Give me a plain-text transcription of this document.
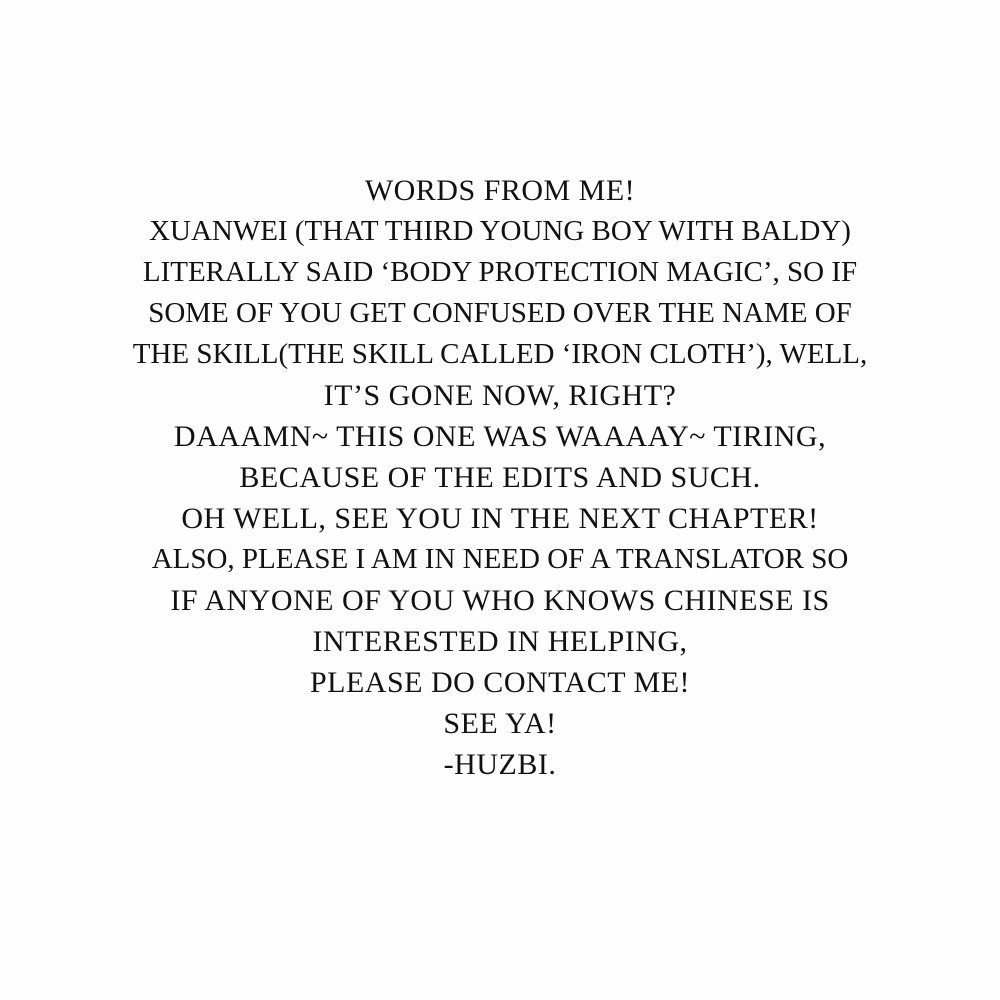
WORDS FROM ME!
XUANWEI (THAT THIRD YOUNG BOY WITH BALDY)
LITERALLY SAID ‘BODY PROTECTION MAGIC’, SO IF
SOME OF YOU GET CONFUSED OVER THE NAME OF
THE SKILL(THE SKILL CALLED ‘IRON CLOTH’), WELL,
IT’S GONE NOW, RIGHT?
DAAAMN~ THIS ONE WAS WAAAAY~ TIRING,
BECAUSE OF THE EDITS AND SUCH.
OH WELL, SEE YOU IN THE NEXT CHAPTER!
ALSO, PLEASE I AM IN NEED OF A TRANSLATOR SO
IF ANYONE OF YOU WHO KNOWS CHINESE IS
INTERESTED IN HELPING,
PLEASE DO CONTACT ME!
SEE YA!
-HUZBI.
